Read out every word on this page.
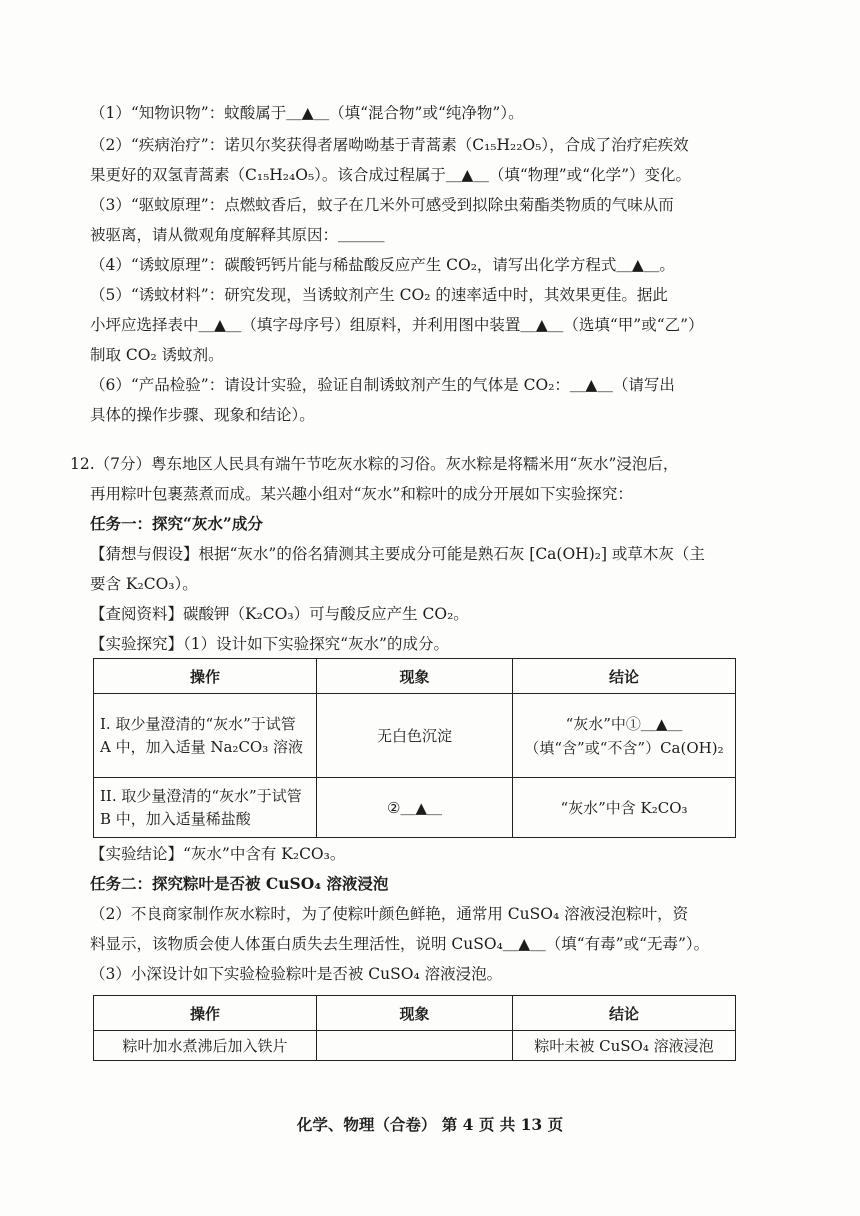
（1）“知物识物”：蚊酸属于＿▲＿（填“混合物”或“纯净物”）。
（2）“疾病治疗”：诺贝尔奖获得者屠呦呦基于青蒿素（C₁₅H₂₂O₅），合成了治疗疟疾效
果更好的双氢青蒿素（C₁₅H₂₄O₅）。该合成过程属于＿▲＿（填“物理”或“化学”）变化。
（3）“驱蚊原理”：点燃蚊香后，蚊子在几米外可感受到拟除虫菊酯类物质的气味从而
被驱离，请从微观角度解释其原因：＿＿＿
（4）“诱蚊原理”：碳酸钙钙片能与稀盐酸反应产生 CO₂，请写出化学方程式＿▲＿。
（5）“诱蚊材料”：研究发现，当诱蚊剂产生 CO₂ 的速率适中时，其效果更佳。据此
小坪应选择表中＿▲＿（填字母序号）组原料，并利用图中装置＿▲＿（选填“甲”或“乙”）
制取 CO₂ 诱蚊剂。
（6）“产品检验”：请设计实验，验证自制诱蚊剂产生的气体是 CO₂：＿▲＿（请写出
具体的操作步骤、现象和结论）。
12.（7分）粤东地区人民具有端午节吃灰水粽的习俗。灰水粽是将糯米用“灰水”浸泡后，
再用粽叶包裹蒸煮而成。某兴趣小组对“灰水”和粽叶的成分开展如下实验探究：
任务一：探究“灰水”成分
【猜想与假设】根据“灰水”的俗名猜测其主要成分可能是熟石灰 [Ca(OH)₂] 或草木灰（主
要含 K₂CO₃）。
【查阅资料】碳酸钾（K₂CO₃）可与酸反应产生 CO₂。
【实验探究】（1）设计如下实验探究“灰水”的成分。
操作	现象	结论
I. 取少量澄清的“灰水”于试管 A 中，加入适量 Na₂CO₃ 溶液	无白色沉淀	“灰水”中①＿▲＿（填“含”或“不含”）Ca(OH)₂
II. 取少量澄清的“灰水”于试管 B 中，加入适量稀盐酸	②＿▲＿	“灰水”中含 K₂CO₃
【实验结论】“灰水”中含有 K₂CO₃。
任务二：探究粽叶是否被 CuSO₄ 溶液浸泡
（2）不良商家制作灰水粽时，为了使粽叶颜色鲜艳，通常用 CuSO₄ 溶液浸泡粽叶，资
料显示，该物质会使人体蛋白质失去生理活性，说明 CuSO₄＿▲＿（填“有毒”或“无毒”）。
（3）小深设计如下实验检验粽叶是否被 CuSO₄ 溶液浸泡。
操作	现象	结论
粽叶加水煮沸后加入铁片		粽叶未被 CuSO₄ 溶液浸泡
化学、物理（合卷） 第 4 页 共 13 页
